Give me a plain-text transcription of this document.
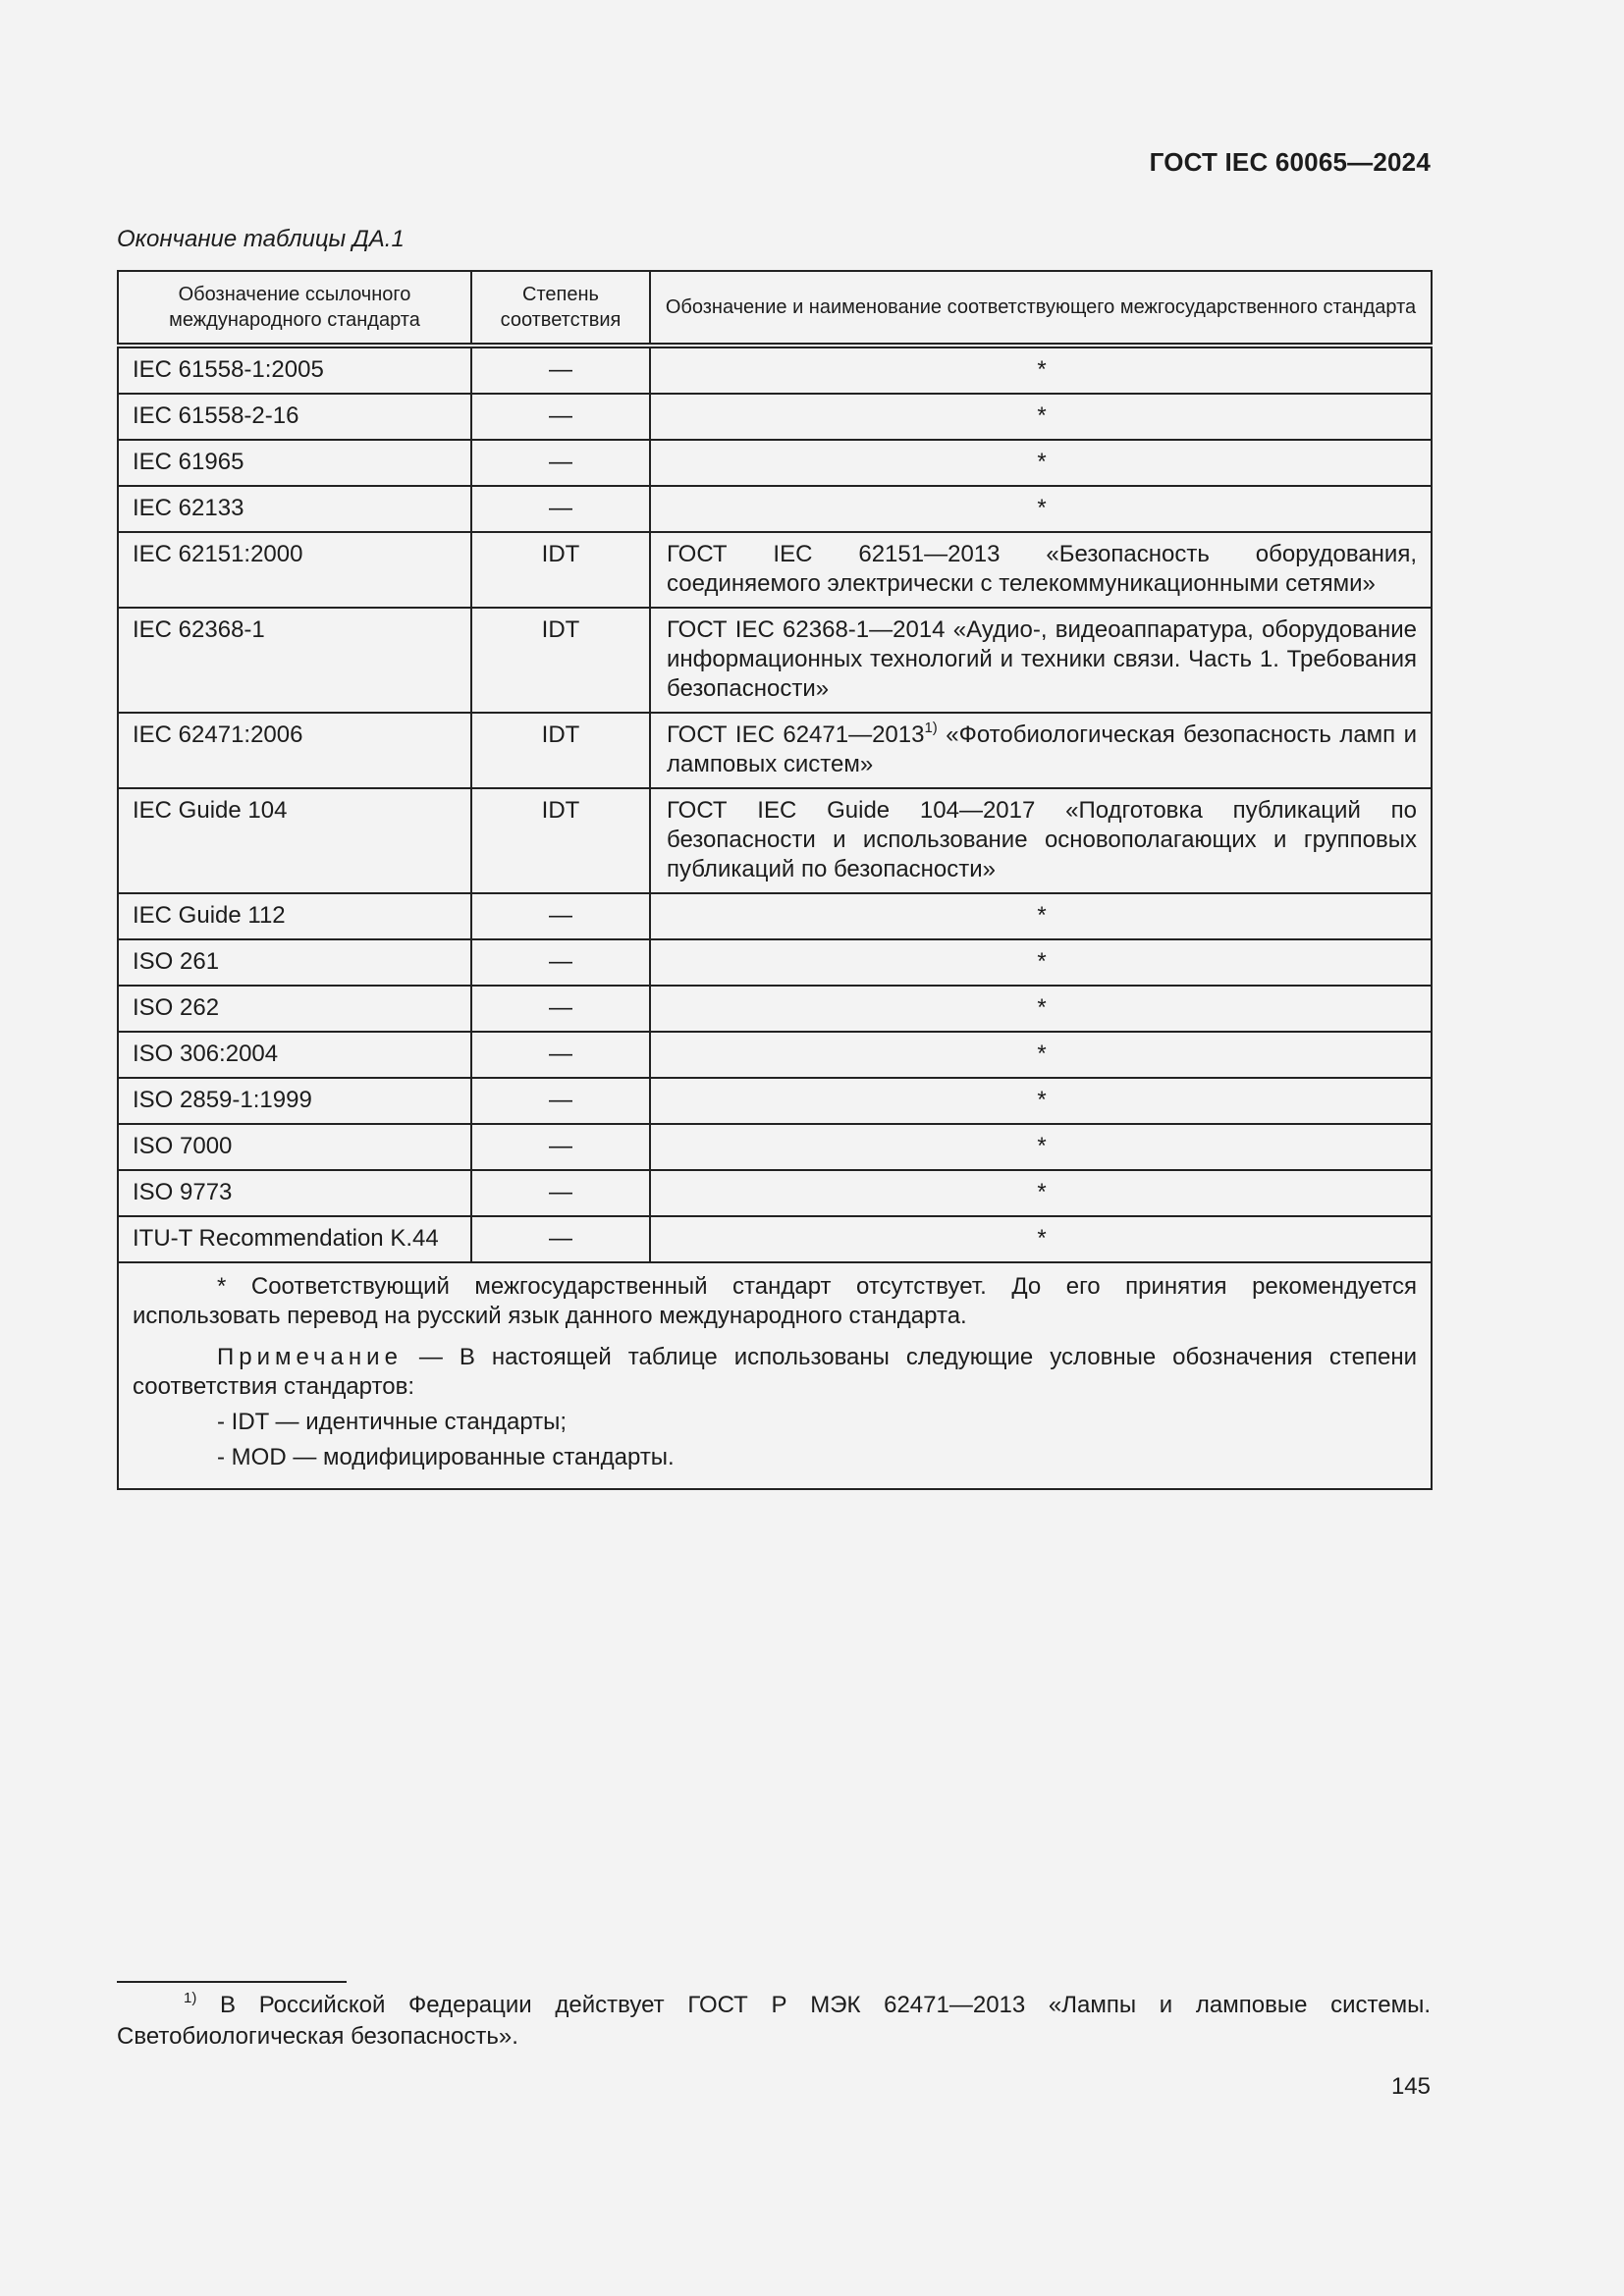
ГОСТ IEC 60065—2024
Окончание таблицы ДА.1
Обозначение ссылочного международного стандарта	Степень соответствия	Обозначение и наименование соответствующего межгосударственного стандарта
IEC 61558-1:2005	—	*
IEC 61558-2-16	—	*
IEC 61965	—	*
IEC 62133	—	*
IEC 62151:2000	IDT	ГОСТ IEC 62151—2013 «Безопасность оборудования, соединяемого электрически с телекоммуникационными сетями»
IEC 62368-1	IDT	ГОСТ IEC 62368-1—2014 «Аудио-, видеоаппаратура, оборудование информационных технологий и техники связи. Часть 1. Требования безопасности»
IEC 62471:2006	IDT	ГОСТ IEC 62471—2013$^{1)}$ «Фотобиологическая безопасность ламп и ламповых систем»
IEC Guide 104	IDT	ГОСТ IEC Guide 104—2017 «Подготовка публикаций по безопасности и использование основополагающих и групповых публикаций по безопасности»
IEC Guide 112	—	*
ISO 261	—	*
ISO 262	—	*
ISO 306:2004	—	*
ISO 2859-1:1999	—	*
ISO 7000	—	*
ISO 9773	—	*
ITU-T Recommendation K.44	—	*

* Соответствующий межгосударственный стандарт отсутствует. До его принятия рекомендуется использовать перевод на русский язык данного международного стандарта.

Примечание — В настоящей таблице использованы следующие условные обозначения степени соответствия стандартов:

- IDT — идентичные стандарты;

- MOD — модифицированные стандарты.		

$^{1)}$ В Российской Федерации действует ГОСТ Р МЭК 62471—2013 «Лампы и ламповые системы. Светобиологическая безопасность».
145
